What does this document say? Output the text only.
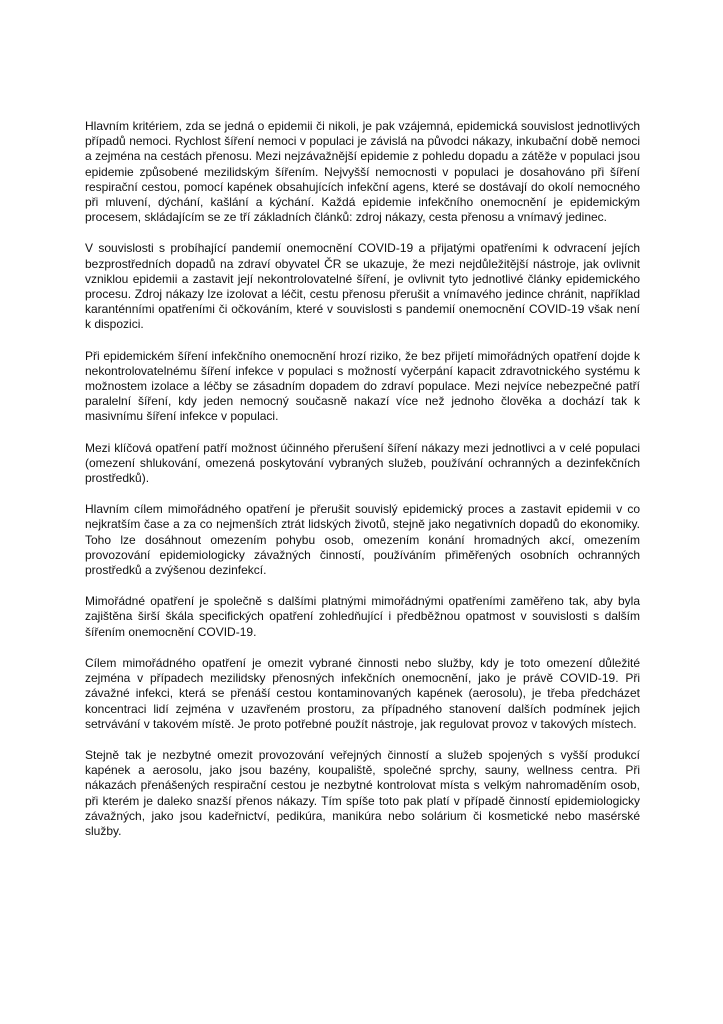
Hlavním kritériem, zda se jedná o epidemii či nikoli, je pak vzájemná, epidemická souvislost jednotlivých případů nemoci. Rychlost šíření nemoci v populaci je závislá na původci nákazy, inkubační době nemoci a zejména na cestách přenosu. Mezi nejzávažnější epidemie z pohledu dopadu a zátěže v populaci jsou epidemie způsobené mezilidským šířením. Nejvyšší nemocnosti v populaci je dosahováno při šíření respirační cestou, pomocí kapének obsahujících infekční agens, které se dostávají do okolí nemocného při mluvení, dýchání, kašlání a kýchání. Každá epidemie infekčního onemocnění je epidemickým procesem, skládajícím se ze tří základních článků: zdroj nákazy, cesta přenosu a vnímavý jedinec.

V souvislosti s probíhající pandemií onemocnění COVID-19 a přijatými opatřeními k odvracení jejích bezprostředních dopadů na zdraví obyvatel ČR se ukazuje, že mezi nejdůležitější nástroje, jak ovlivnit vzniklou epidemii a zastavit její nekontrolovatelné šíření, je ovlivnit tyto jednotlivé články epidemického procesu. Zdroj nákazy lze izolovat a léčit, cestu přenosu přerušit a vnímavého jedince chránit, například karanténními opatřeními či očkováním, které v souvislosti s pandemií onemocnění COVID-19 však není k dispozici.

Při epidemickém šíření infekčního onemocnění hrozí riziko, že bez přijetí mimořádných opatření dojde k nekontrolovatelnému šíření infekce v populaci s možností vyčerpání kapacit zdravotnického systému k možnostem izolace a léčby se zásadním dopadem do zdraví populace. Mezi nejvíce nebezpečné patří paralelní šíření, kdy jeden nemocný současně nakazí více než jednoho člověka a dochází tak k masivnímu šíření infekce v populaci.

Mezi klíčová opatření patří možnost účinného přerušení šíření nákazy mezi jednotlivci a v celé populaci (omezení shlukování, omezená poskytování vybraných služeb, používání ochranných a dezinfekčních prostředků).

Hlavním cílem mimořádného opatření je přerušit souvislý epidemický proces a zastavit epidemii v co nejkratším čase a za co nejmenších ztrát lidských životů, stejně jako negativních dopadů do ekonomiky. Toho lze dosáhnout omezením pohybu osob, omezením konání hromadných akcí, omezením provozování epidemiologicky závažných činností, používáním přiměřených osobních ochranných prostředků a zvýšenou dezinfekcí.

Mimořádné opatření je společně s dalšími platnými mimořádnými opatřeními zaměřeno tak, aby byla zajištěna širší škála specifických opatření zohledňující i předběžnou opatmost v souvislosti s dalším šířením onemocnění COVID-19.

Cílem mimořádného opatření je omezit vybrané činnosti nebo služby, kdy je toto omezení důležité zejména v případech mezilidsky přenosných infekčních onemocnění, jako je právě COVID-19. Při závažné infekci, která se přenáší cestou kontaminovaných kapének (aerosolu), je třeba předcházet koncentraci lidí zejména v uzavřeném prostoru, za případného stanovení dalších podmínek jejich setrvávání v takovém místě. Je proto potřebné použít nástroje, jak regulovat provoz v takových místech.

Stejně tak je nezbytné omezit provozování veřejných činností a služeb spojených s vyšší produkcí kapének a aerosolu, jako jsou bazény, koupaliště, společné sprchy, sauny, wellness centra. Při nákazách přenášených respirační cestou je nezbytné kontrolovat místa s velkým nahromaděním osob, při kterém je daleko snazší přenos nákazy. Tím spíše toto pak platí v případě činností epidemiologicky závažných, jako jsou kadeřnictví, pedikúra, manikúra nebo solárium či kosmetické nebo masérské služby.
